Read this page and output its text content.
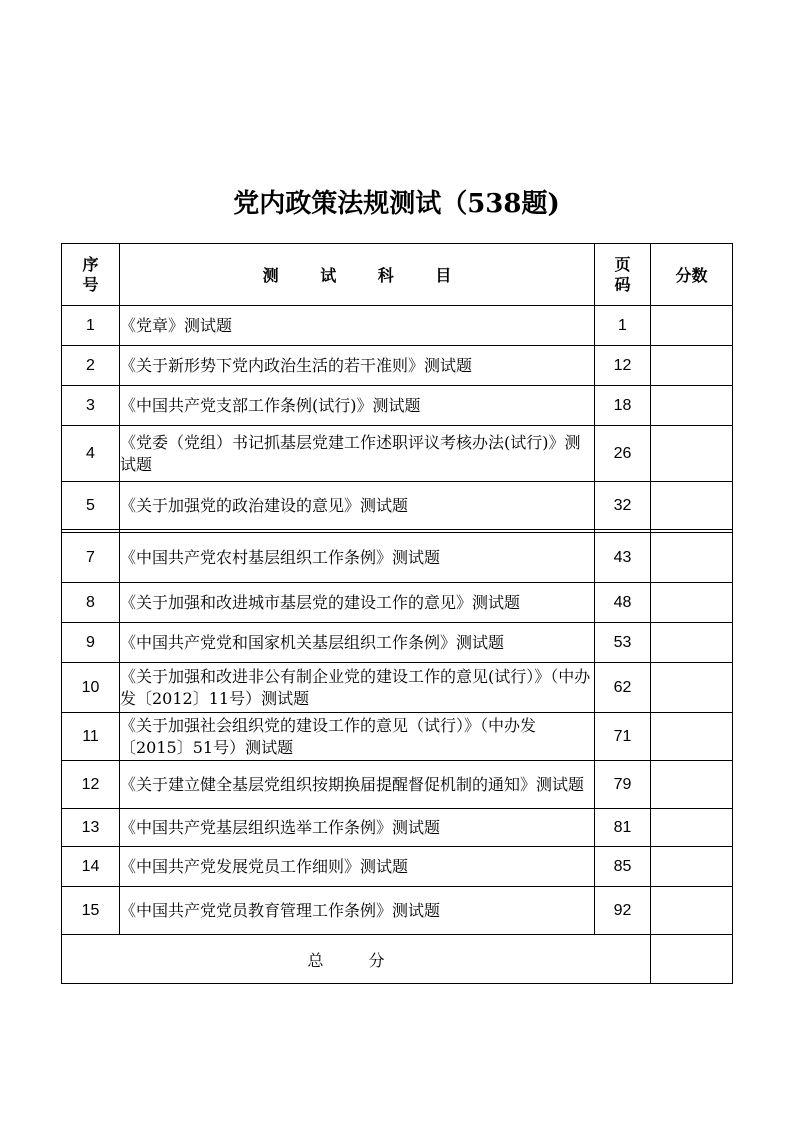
党内政策法规测试（538题)
序号	测 试 科 目	页码	分数
1	《党章》测试题	1	
2	《关于新形势下党内政治生活的若干准则》测试题	12	
3	《中国共产党支部工作条例(试行)》测试题	18	
4	《党委（党组）书记抓基层党建工作述职评议考核办法(试行)》测试题	26	
5	《关于加强党的政治建设的意见》测试题	32	

7	《中国共产党农村基层组织工作条例》测试题	43	
8	《关于加强和改进城市基层党的建设工作的意见》测试题	48	
9	《中国共产党党和国家机关基层组织工作条例》测试题	53	
10	《关于加强和改进非公有制企业党的建设工作的意见(试行）》（中办发〔2012〕11号）测试题	62	
11	《关于加强社会组织党的建设工作的意见（试行）》（中办发〔2015〕51号）测试题	71	
12	《关于建立健全基层党组织按期换届提醒督促机制的通知》测试题	79	
13	《中国共产党基层组织选举工作条例》测试题	81	
14	《中国共产党发展党员工作细则》测试题	85	
15	《中国共产党党员教育管理工作条例》测试题	92	
总 分			
